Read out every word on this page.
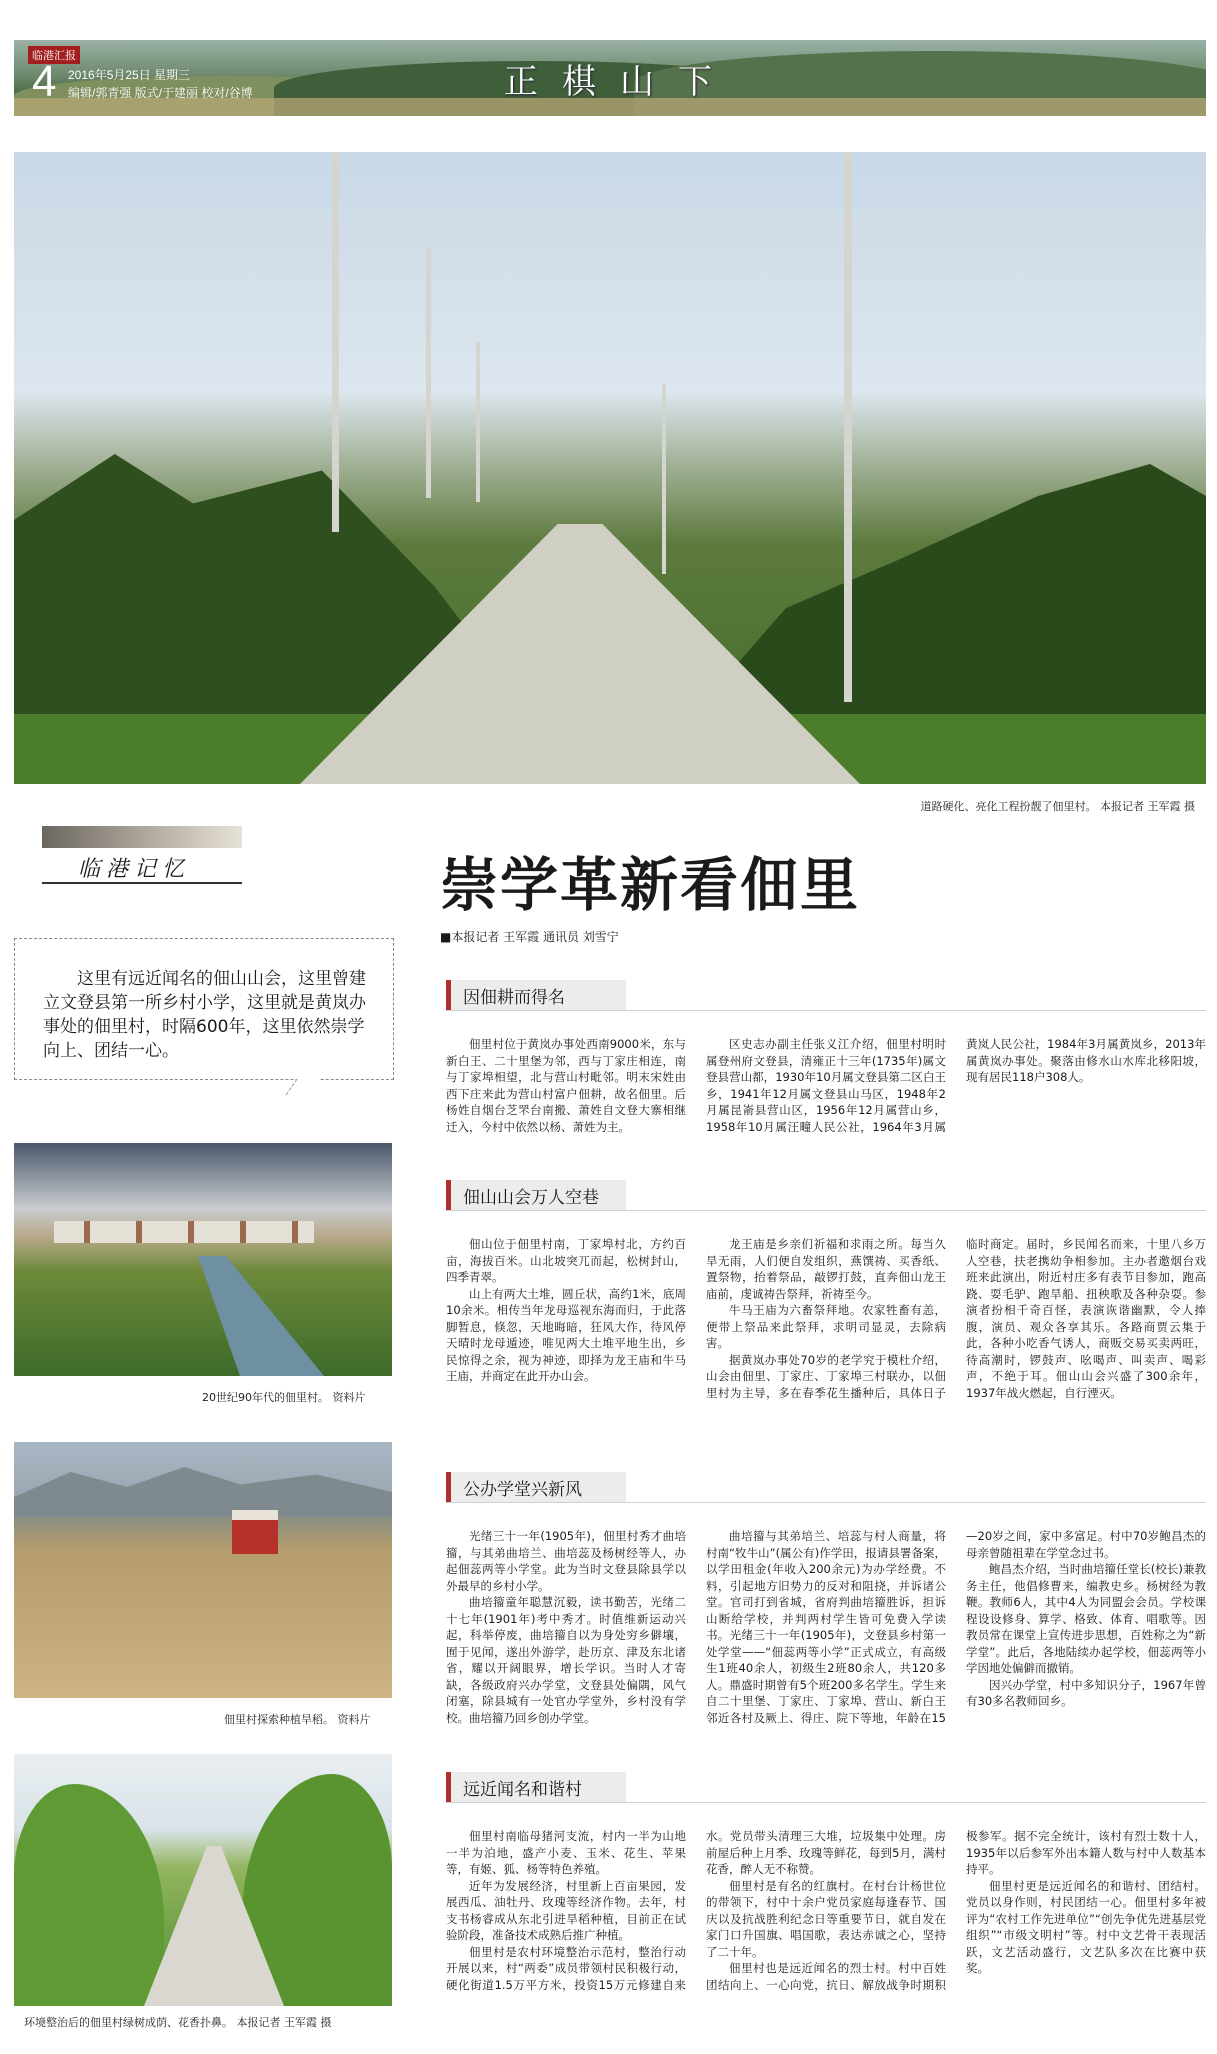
临港汇报
4 2016年5月25日 星期三
编辑/郭青强 版式/于建丽 校对/谷博	正棋山下
道路硬化、亮化工程扮靓了佃里村。 本报记者 王军霞 摄
临港记忆

这里有远近闻名的佃山山会，这里曾建立文登县第一所乡村小学，这里就是黄岚办事处的佃里村，时隔600年，这里依然崇学向上、团结一心。

崇学革新看佃里
■本报记者 王军霞 通讯员 刘雪宁
因佃耕而得名

佃里村位于黄岚办事处西南9000米，东与新白王、二十里堡为邻，西与丁家庄相连，南与丁家埠相望，北与营山村毗邻。明末宋姓由西下庄来此为营山村富户佃耕，故名佃里。后杨姓自烟台芝罘台南搬、萧姓自文登大寨相继迁入，今村中依然以杨、萧姓为主。

区史志办副主任张义江介绍，佃里村明时属登州府文登县，清雍正十三年(1735年)属文登县营山都，1930年10月属文登县第二区白王乡，1941年12月属文登县山马区，1948年2月属昆嵛县营山区，1956年12月属营山乡，1958年10月属汪疃人民公社，1964年3月属黄岚人民公社，1984年3月属黄岚乡，2013年属黄岚办事处。聚落由修水山水库北移阳坡，现有居民118户308人。

佃山山会万人空巷

佃山位于佃里村南，丁家埠村北，方约百亩，海拔百米。山北坡突兀而起，松树封山，四季青翠。

山上有两大土堆，圆丘状，高约1米，底周10余米。相传当年龙母巡视东海而归，于此落脚暂息，倏忽，天地晦暗，狂风大作，待风停天晴时龙母遁迹，唯见两大土堆平地生出，乡民惊得之余，视为神迹，即择为龙王庙和牛马王庙，并商定在此开办山会。

龙王庙是乡亲们祈福和求雨之所。每当久旱无雨，人们便自发组织，燕馔祷、买香纸、置祭物，抬着祭品，敲锣打鼓，直奔佃山龙王庙前，虔诚祷告祭拜，祈祷至今。

牛马王庙为六畜祭拜地。农家牲畜有恙，便带上祭品来此祭拜，求明司显灵，去除病害。

据黄岚办事处70岁的老学究于模杜介绍，山会由佃里、丁家庄、丁家埠三村联办，以佃里村为主导，多在春季花生播种后，具体日子临时商定。届时，乡民闻名而来，十里八乡万人空巷，扶老携幼争相参加。主办者邀烟台戏班来此演出，附近村庄多有表节目参加，跑高跷、耍毛驴、跑旱船、扭秧歌及各种杂耍。参演者扮相千奇百怪，表演诙谐幽默，令人捧腹，演员、观众各享其乐。各路商贾云集于此，各种小吃香气诱人，商贩交易买卖两旺，待高潮时，锣鼓声、吆喝声、叫卖声、喝彩声，不绝于耳。佃山山会兴盛了300余年，1937年战火燃起，自行湮灭。

公办学堂兴新风

光绪三十一年(1905年)，佃里村秀才曲培籀，与其弟曲培兰、曲培蕊及杨树经等人，办起佃蕊两等小学堂。此为当时文登县除县学以外最早的乡村小学。

曲培籀童年聪慧沉毅，读书勤苦，光绪二十七年(1901年)考中秀才。时值维新运动兴起，科举停废，曲培籀自以为身处穷乡僻壤，囿于见闻，遂出外游学，赴历京、津及东北诸省，耀以开阔眼界，增长学识。当时人才寄缺，各级政府兴办学堂，文登县处偏隅，风气闭塞，除县城有一处官办学堂外，乡村没有学校。曲培籀乃回乡创办学堂。

曲培籀与其弟培兰、培蕊与村人商量，将村南“牧牛山”(属公有)作学田，报请县署备案，以学田租金(年收入200余元)为办学经费。不料，引起地方旧势力的反对和阻挠，并诉诸公堂。官司打到省城，省府判曲培籀胜诉，担诉山断给学校，并判两村学生皆可免费入学读书。光绪三十一年(1905年)，文登县乡村第一处学堂——“佃蕊两等小学”正式成立，有高级生1班40余人，初级生2班80余人，共120多人。鼎盛时期曾有5个班200多名学生。学生来自二十里堡、丁家庄、丁家埠、营山、新白王邻近各村及厥上、得庄、院下等地，年龄在15—20岁之间，家中多富足。村中70岁鲍昌杰的母亲曾随祖辈在学堂念过书。

鲍昌杰介绍，当时曲培籀任堂长(校长)兼教务主任，他倡修曹来，编教史乡。杨树经为教鞭。教师6人，其中4人为同盟会会员。学校课程设设修身、算学、格致、体育、唱歌等。因教员常在课堂上宣传进步思想，百姓称之为“新学堂”。此后，各地陆续办起学校，佃蕊两等小学因地处偏僻而撤销。

因兴办学堂，村中多知识分子，1967年曾有30多名教师回乡。

远近闻名和谐村

佃里村南临母猪河支流，村内一半为山地一半为泊地，盛产小麦、玉米、花生、苹果等，有姬、狐、杨等特色养殖。

近年为发展经济，村里新上百亩果园，发展西瓜、油牡丹、玫瑰等经济作物。去年，村支书杨睿成从东北引进旱稻种植，目前正在试验阶段，准备技术成熟后推广种植。

佃里村是农村环境整治示范村，整治行动开展以来，村“两委”成员带领村民积极行动，硬化街道1.5万平方米，投资15万元修建自来水。党员带头清理三大堆，垃圾集中处理。房前屋后种上月季、玫瑰等鲜花，每到5月，满村花香，醉人无不称赞。

佃里村是有名的红旗村。在村台计杨世位的带领下，村中十余户党员家庭每逢春节、国庆以及抗战胜利纪念日等重要节日，就自发在家门口升国旗、唱国歌，表达赤诚之心，坚持了二十年。

佃里村也是远近闻名的烈士村。村中百姓团结向上、一心向党，抗日、解放战争时期积极参军。据不完全统计，该村有烈士数十人，1935年以后参军外出本籍人数与村中人数基本持平。

佃里村更是远近闻名的和谐村、团结村。党员以身作则，村民团结一心。佃里村多年被评为“农村工作先进单位”“创先争优先进基层党组织”“市级文明村”等。村中文艺骨干表现活跃，文艺活动盛行，文艺队多次在比赛中获奖。

20世纪90年代的佃里村。 资料片
佃里村探索种植旱稻。 资料片
环境整治后的佃里村绿树成荫、花香扑鼻。 本报记者 王军霞 摄
